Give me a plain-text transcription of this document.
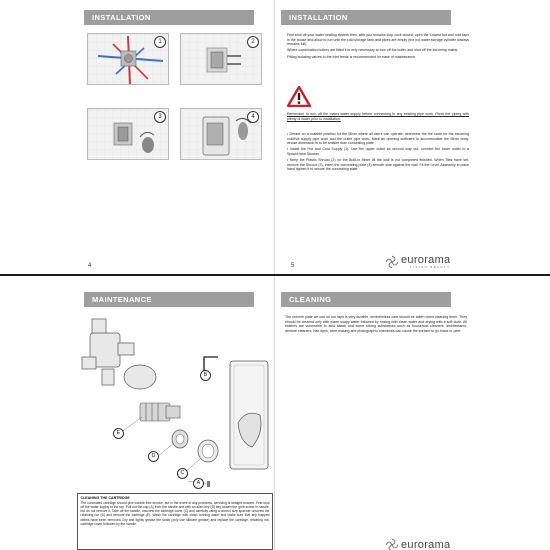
INSTALLATION
1	2
3	4
4
INSTALLATION

First shut off your water heating system then, with you remains stop cock closed, open the Lowest hot and cold taps in the house and allow to run until the cold storage tank and pipes are empty (the hot water storage cylinder airways remains full).

Where combination boilers are fitted it is only necessary to turn off the boiler and shut off the incoming mains.

Fitting isolating valves to the inlet feeds is recommended for ease of maintenance.

Remember to turn off the mains water supply before connecting to any existing pipe work. Flush the piping with plenty of water prior to installation.

• Decide on a suitable position for the Mixer where all users can operate, determine the the route for the incoming cold/hot supply pipe work and the outlet pipe work. Mark an opening sufficient to accommodate the Mixer body, whose dimension is to be smaller than concealing plate

• Install the Hot and Cold Supply (1). Use the upper outlet as second way out, connect the lower outlet to a Spout/Hand Shower.

• Keep the Plastic Shroud (2) on the Built-in Mixer till the wall is not completed finished. When Tiles have set, remove the Shroud (3), insert the concealing plate (4) smooth side against the wall. Fit the Lever Assembly in place hand tighten it to secure the concealing plate.

5	eurorama
LIVING BEAUTY
MAINTENANCE
B
E
D
C
A
CLEANING THE CARTRIDGE
The concealed cartridge should give trouble free service, but in the event of any problems, servicing is straight forward. First shut off the water supply to the tap. Pull out the cap (A) from the handle and with an allen key (B) key loosen the grub screw in handle, but do not remove it. Take off the handle, unscrew the cartridge cover (C) and carefully using a correct size spanner unscrew the retaining nut (D) and remove the cartridge (E). Wash the cartridge with clean running water and make sure that any trapped debris have been removed. Dry and lightly grease the seals (only use silicone grease) and replace the cartridge, retaining nut, cartridge cover followed by the handle.
CLEANING
The chrome plate we use on our taps is very durable, nevertheless care should be taken when cleaning them. They should be cleaned only with warm soapy water followed by rinsing with clean water and drying with a soft cloth. All finishes are vulnerable to acid attack and some strong substances such as household cleaners, disinfectants, denture cleaners, hair dyes, wine making and photographic chemicals can cause the surface to go black or peel.
eurorama
